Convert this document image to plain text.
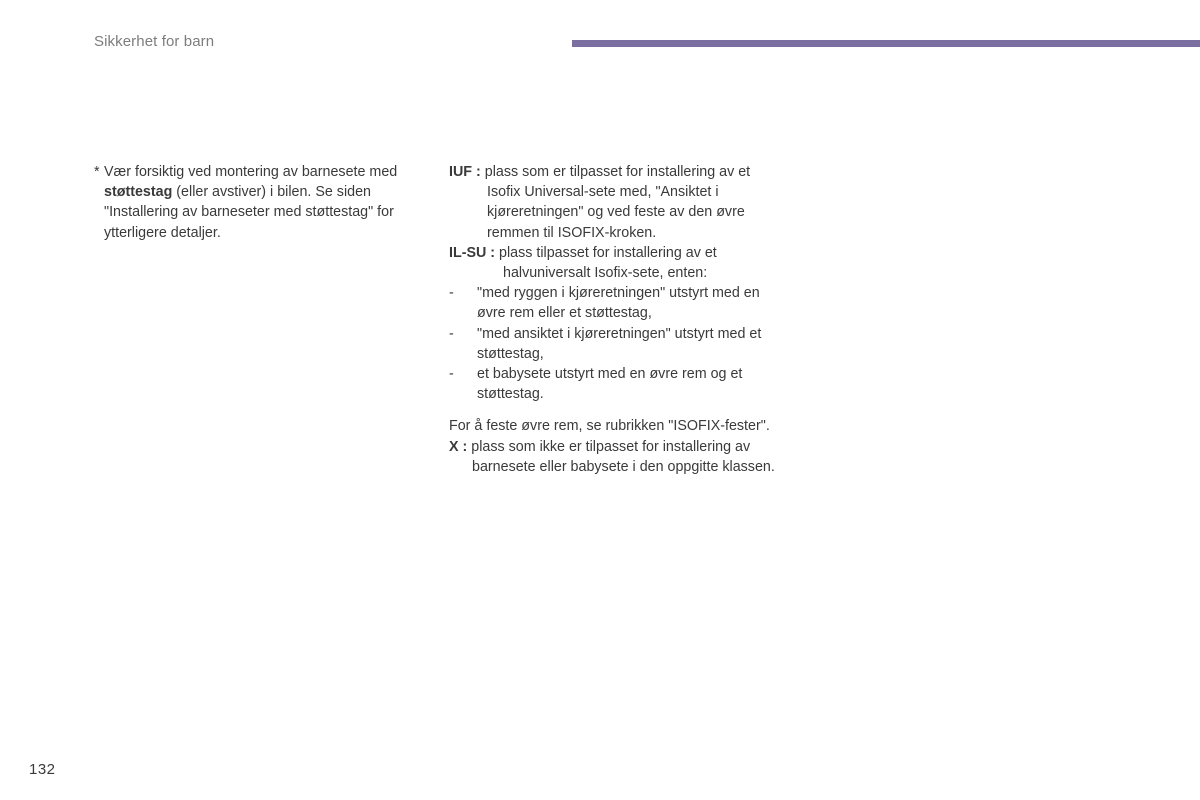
Sikkerhet for barn
* Vær forsiktig ved montering av barnesete med støttestag (eller avstiver) i bilen. Se siden "Installering av barneseter med støttestag" for ytterligere detaljer.
IUF : plass som er tilpasset for installering av et Isofix Universal-sete med, "Ansiktet i kjøreretningen" og ved feste av den øvre remmen til ISOFIX-kroken.
IL-SU : plass tilpasset for installering av et halvuniversalt Isofix-sete, enten:
- "med ryggen i kjøreretningen" utstyrt med en øvre rem eller et støttestag,
- "med ansiktet i kjøreretningen" utstyrt med et støttestag,
- et babysete utstyrt med en øvre rem og et støttestag.
For å feste øvre rem, se rubrikken "ISOFIX-fester".
X : plass som ikke er tilpasset for installering av barnesete eller babysete i den oppgitte klassen.
132
